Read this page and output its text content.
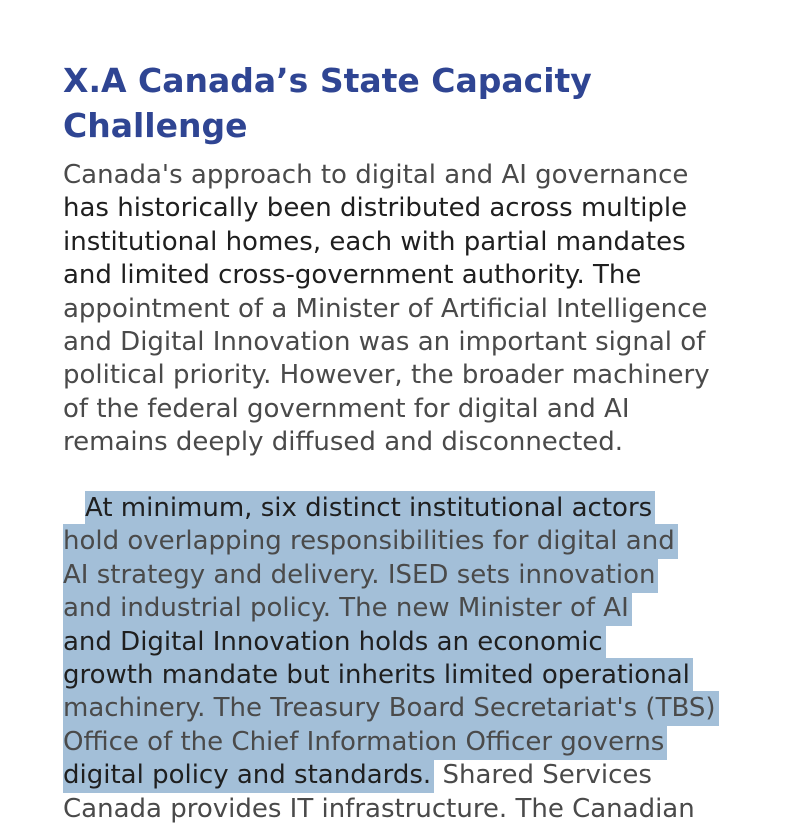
X.A Canada’s State Capacity
Challenge
Canada's approach to digital and AI governance
has historically been distributed across multiple
institutional homes, each with partial mandates
and limited cross-government authority. The
appointment of a Minister of Artificial Intelligence
and Digital Innovation was an important signal of
political priority. However, the broader machinery
of the federal government for digital and AI
remains deeply diffused and disconnected.
At minimum, six distinct institutional actors
hold overlapping responsibilities for digital and
AI strategy and delivery. ISED sets innovation
and industrial policy. The new Minister of AI
and Digital Innovation holds an economic
growth mandate but inherits limited operational
machinery. The Treasury Board Secretariat's (TBS)
Office of the Chief Information Officer governs
digital policy and standards. Shared Services
Canada provides IT infrastructure. The Canadian
